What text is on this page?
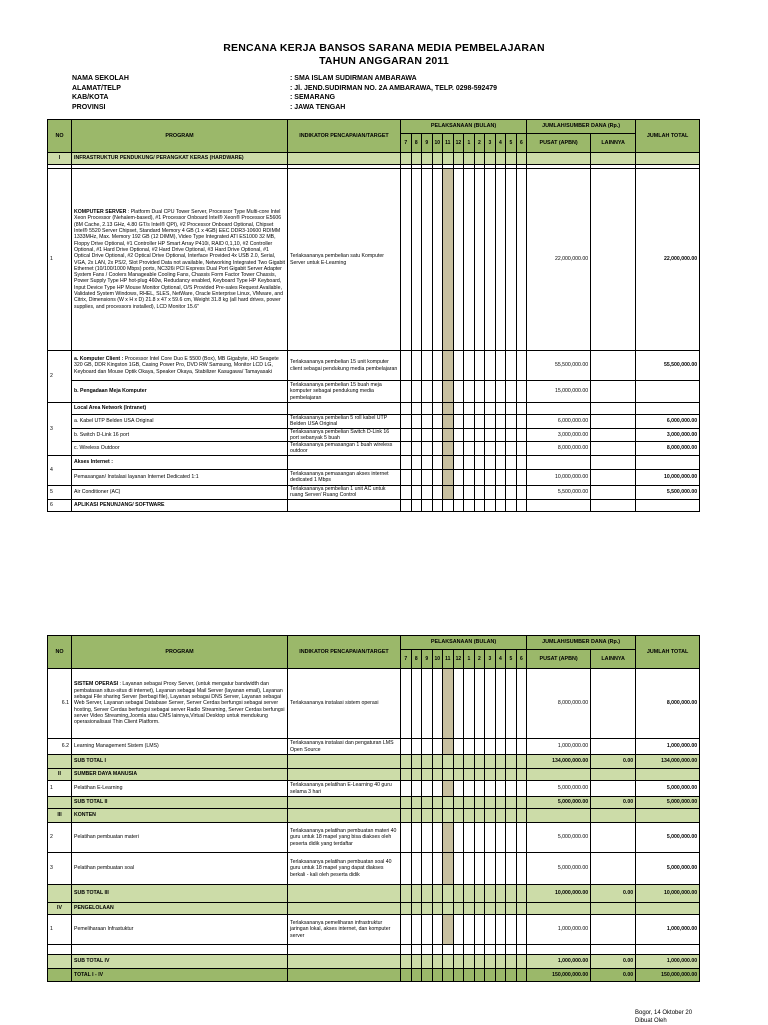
RENCANA KERJA BANSOS SARANA MEDIA PEMBELAJARAN
TAHUN ANGGARAN 2011
NAMA SEKOLAH	: SMA ISLAM SUDIRMAN AMBARAWA
ALAMAT/TELP	: Jl. JEND.SUDIRMAN NO. 2A AMBARAWA, TELP. 0298-592479
KAB/KOTA	: SEMARANG
PROVINSI	: JAWA TENGAH
NO	PROGRAM	INDIKATOR PENCAPAIAN/TARGET	PELAKSANAAN (BULAN)												JUMLAH/SUMBER DANA (Rp.)		JUMLAH TOTAL
			7	8	9	10	11	12	1	2	3	4	5	6	PUSAT (APBN)	LAINNYA	

I	INFRASTRUKTUR PENDUKUNG/ PERANGKAT KERAS (HARDWARE)																

1	KOMPUTER SERVER : Platform Dual CPU Tower Server, Processor Type Multi-core Intel Xeon Processor (Nehalem-based), #1 Processor Onboard Intel® Xeon® Processor E5606 (8M Cache, 2.13 GHz, 4.80 GT/s Intel® QPI), #2 Processor Onboard Optional, Chipset Intel® 5520 Server Chipset, Standard Memory 4 GB (1 x 4GB) EEC DDR3-10600 RDIMM 1333MHz, Max. Memory 192 GB (12 DIMM), Video Type Integrated ATI ES1000 32 MB, Floppy Drive Optional, #1 Controller HP Smart Array P410i, RAID 0,1,10, #2 Controller Optional, #1 Hard Drive Optional, #2 Hard Drive Optional, #3 Hard Drive Optional, #1 Optical Drive Optional, #2 Optical Drive Optional, Interface Provided 4x USB 2.0, Serial, VGA, 2x LAN, 2x PS/2, Slot Provided Data not available, Networking Integrated Two Gigabit Ethernet (10/100/1000 Mbps) ports, NC326i PCI Express Dual Port Gigabit Server Adapter System Fans / Coolers Manageable Cooling Fans, Chassis Form Factor Tower Chassis, Power Supply Type HP hot-plug 460w, Redudancy enabled, Keyboard Type HP Keyboard, Input Device Type HP Mouse Monitor Optional, O/S Provided Pre-sales Request Available, Validated System Windows, RHEL, SLES, NetWare, Oracle Enterprise Linux, VMware, and Citrix, Dimensions (W x H x D) 21.8 x 47 x 59.6 cm, Weight 31.8 kg (all hard drives, power supplies, and processors installed), LCD Monitor 15.6"	Terlaksananya pembelian satu Komputer Server untuk E-Learning													22,000,000.00		22,000,000.00
2	a. Komputer Client : Processor Intel Core Duo E 5500 (Box), MB Gigabyte, HD Seagete 320 GB, DDR Kingston 1GB, Casing Power Pro, DVD RW Samsung, Monitor LCD LG, Keyboard dan Mouse Optik Okaya, Speaker Okaya, Stabilizer Kasugawa/ Tamayasaki	Terlaksananya pembelian 15 unit komputer client sebagai pendukung media pembelajaran													55,500,000.00		55,500,000.00
	b. Pengadaan Meja Komputer	Terlaksananya pembelian 15 buah meja komputer sebagai pendukung media pembelajaran													15,000,000.00		
3	Local Area Network (Intranet)																
	a. Kabel UTP Belden USA Original	Terlaksananya pembelian 5 roll kabel UTP Belden USA Original													6,000,000.00		6,000,000.00
	b. Switch D-Link 16 port	Terlaksananya pembelian Switch D-Link 16 port sebanyak 5 buah													3,000,000.00		3,000,000.00
	c. Wireless Outdoor	Terlaksananya pemasangan 1 buah wireless outdoor													8,000,000.00		8,000,000.00
4	Akses Internet :																
	Pemasangan/ Instalasi layanan Internet Dedicated 1:1	Terlaksananya pemasangan akses internet dedicated 1 Mbps													10,000,000.00		10,000,000.00
5	Air Conditioner (AC)	Terlaksananya pembelian 1 unit AC untuk ruang Server/ Ruang Control													5,500,000.00		5,500,000.00
6	APLIKASI PENUNJANG/ SOFTWARE																
NO	PROGRAM	INDIKATOR PENCAPAIAN/TARGET	PELAKSANAAN (BULAN)												JUMLAH/SUMBER DANA (Rp.)		JUMLAH TOTAL
			7	8	9	10	11	12	1	2	3	4	5	6	PUSAT (APBN)	LAINNYA	

6.1	SISTEM OPERASI : Layanan sebagai Proxy Server, (untuk mengatur bandwidth dan pembatasan situs-situs di internet), Layanan sebagai Mail Server (layanan email), Layanan sebagai File sharing Server (berbagi file), Layanan sebagai DNS Server, Layanan sebagai Web Server, Layanan sebagai Database Server, Server Cerdas berfungsi sebagai server hosting, Server Cerdas berfungsi sebagai server Radio Streaming, Server Cerdas berfungsi server Video Streaming,Joomla atau CMS lainnya,Virtual Desktop untuk mendukung operasionalisasi Thin Client Platform.	Terlaksananya instalasi sistem operasi													8,000,000.00		8,000,000.00
6.2	Learning Management Sistem (LMS)	Terlaksananya instalasi dan pengaturan LMS Open Source													1,000,000.00		1,000,000.00
	SUB TOTAL I														134,000,000.00	0.00	134,000,000.00
II	SUMBER DAYA MANUSIA																
1	Pelatihan E-Learning	Terlaksananya pelatihan E-Learning 40 guru selama 3 hari													5,000,000.00		5,000,000.00
	SUB TOTAL II														5,000,000.00	0.00	5,000,000.00
III	KONTEN																
2	Pelatihan pembuatan materi	Terlaksananya pelatihan pembuatan materi 40 guru untuk 18 mapel yang bisa diakses oleh peserta didik yang terdaftar													5,000,000.00		5,000,000.00
3	Pelatihan pembuatan soal	Terlaksananya pelatihan pembuatan soal 40 guru untuk 18 mapel yang dapat diakses berkali - kali oleh peserta didik													5,000,000.00		5,000,000.00
	SUB TOTAL III														10,000,000.00	0.00	10,000,000.00
IV	PENGELOLAAN																
1	Pemeliharaan Infrastuktur	Terlaksananya pemeliharan infrastruktur jaringan lokal, akses internet, dan komputer server													1,000,000.00		1,000,000.00

	SUB TOTAL IV														1,000,000.00	0.00	1,000,000.00
	TOTAL I - IV														150,000,000.00	0.00	150,000,000.00
Bogor, 14 Oktober 20
Dibuat Oleh
